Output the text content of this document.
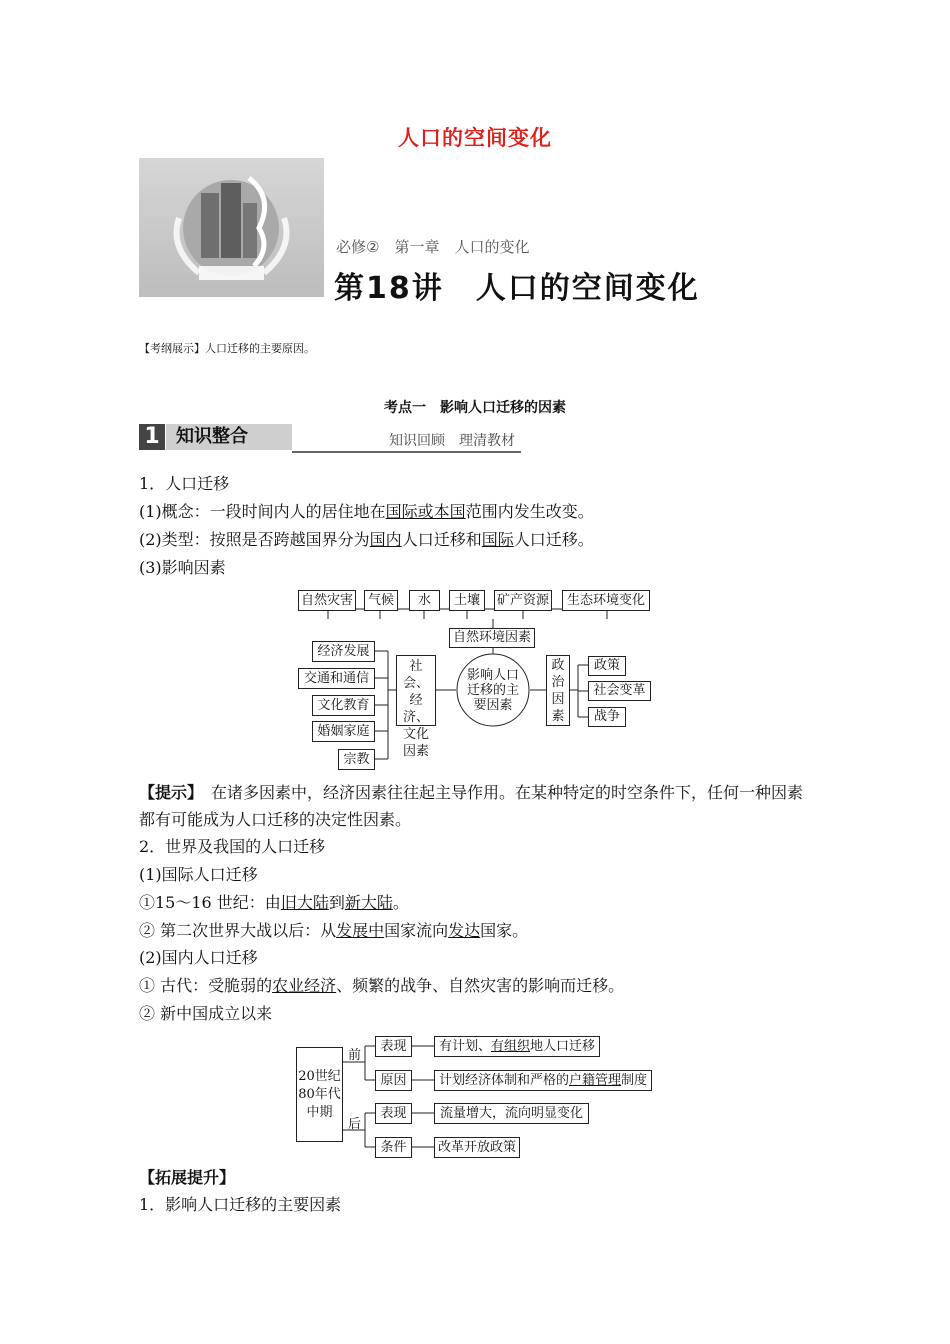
人口的空间变化
必修②　第一章　人口的变化
第18讲　人口的空间变化
【考纲展示】人口迁移的主要原因。
考点一　影响人口迁移的因素
1 知识整合	知识回顾　理清教材
1．人口迁移
(1)概念：一段时间内人的居住地在国际或本国范围内发生改变。
(2)类型：按照是否跨越国界分为国内人口迁移和国际人口迁移。
(3)影响因素
自然灾害	气候	水	土壤	矿产资源	生态环境变化
自然环境因素
影响人口
迁移的主
要因素
社会、
经济、
文化
因素
经济发展
交通和通信
文化教育
婚姻家庭
宗教
政
治
因
素
政策
社会变革
战争
【提示】　在诸多因素中，经济因素往往起主导作用。在某种特定的时空条件下，任何一种因素都有可能成为人口迁移的决定性因素。
2．世界及我国的人口迁移
(1)国际人口迁移
①15～16 世纪：由旧大陆到新大陆。
② 第二次世界大战以后：从发展中国家流向发达国家。
(2)国内人口迁移
① 古代：受脆弱的农业经济、频繁的战争、自然灾害的影响而迁移。
② 新中国成立以来
20世纪
80年代
中期
前
后
表现
原因
表现
条件
有计划、有组织地人口迁移
计划经济体制和严格的户籍管理制度
流量增大，流向明显变化
改革开放政策
【拓展提升】
1．影响人口迁移的主要因素
